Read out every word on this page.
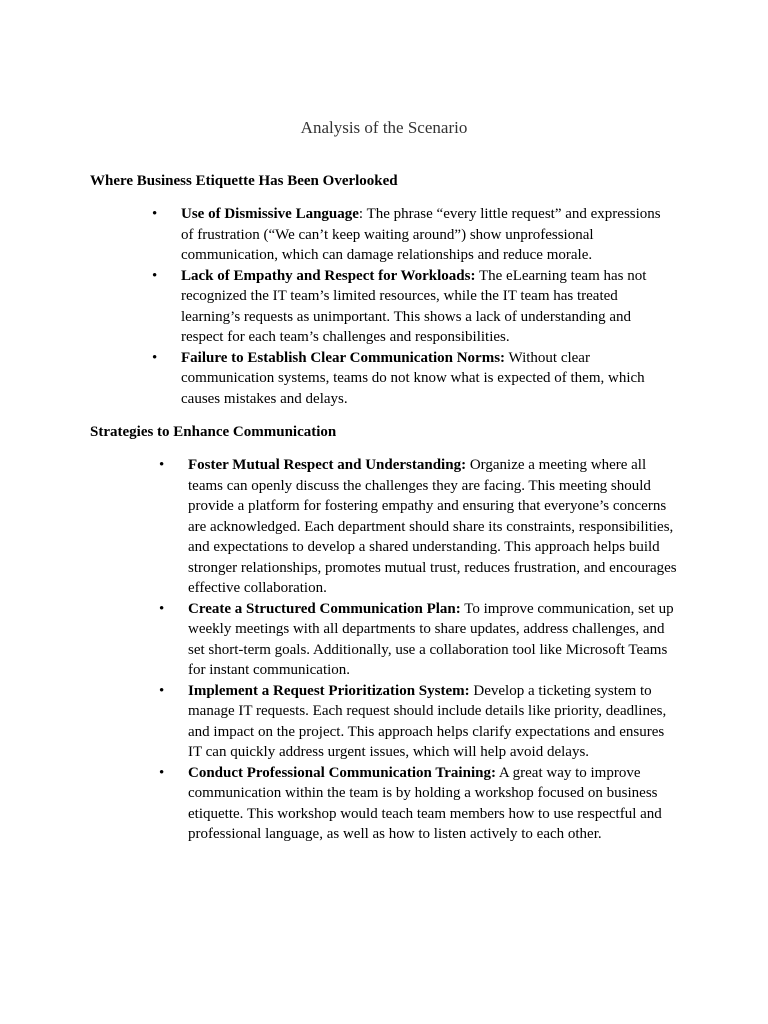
Analysis of the Scenario
Where Business Etiquette Has Been Overlooked
• Use of Dismissive Language: The phrase “every little request” and expressions of frustration (“We can’t keep waiting around”) show unprofessional communication, which can damage relationships and reduce morale.
• Lack of Empathy and Respect for Workloads: The eLearning team has not recognized the IT team’s limited resources, while the IT team has treated learning’s requests as unimportant. This shows a lack of understanding and respect for each team’s challenges and responsibilities.
• Failure to Establish Clear Communication Norms: Without clear communication systems, teams do not know what is expected of them, which causes mistakes and delays.
Strategies to Enhance Communication
• Foster Mutual Respect and Understanding: Organize a meeting where all teams can openly discuss the challenges they are facing. This meeting should provide a platform for fostering empathy and ensuring that everyone’s concerns are acknowledged. Each department should share its constraints, responsibilities, and expectations to develop a shared understanding. This approach helps build stronger relationships, promotes mutual trust, reduces frustration, and encourages effective collaboration.
• Create a Structured Communication Plan: To improve communication, set up weekly meetings with all departments to share updates, address challenges, and set short-term goals. Additionally, use a collaboration tool like Microsoft Teams for instant communication.
• Implement a Request Prioritization System: Develop a ticketing system to manage IT requests. Each request should include details like priority, deadlines, and impact on the project. This approach helps clarify expectations and ensures IT can quickly address urgent issues, which will help avoid delays.
• Conduct Professional Communication Training: A great way to improve communication within the team is by holding a workshop focused on business etiquette. This workshop would teach team members how to use respectful and professional language, as well as how to listen actively to each other.
